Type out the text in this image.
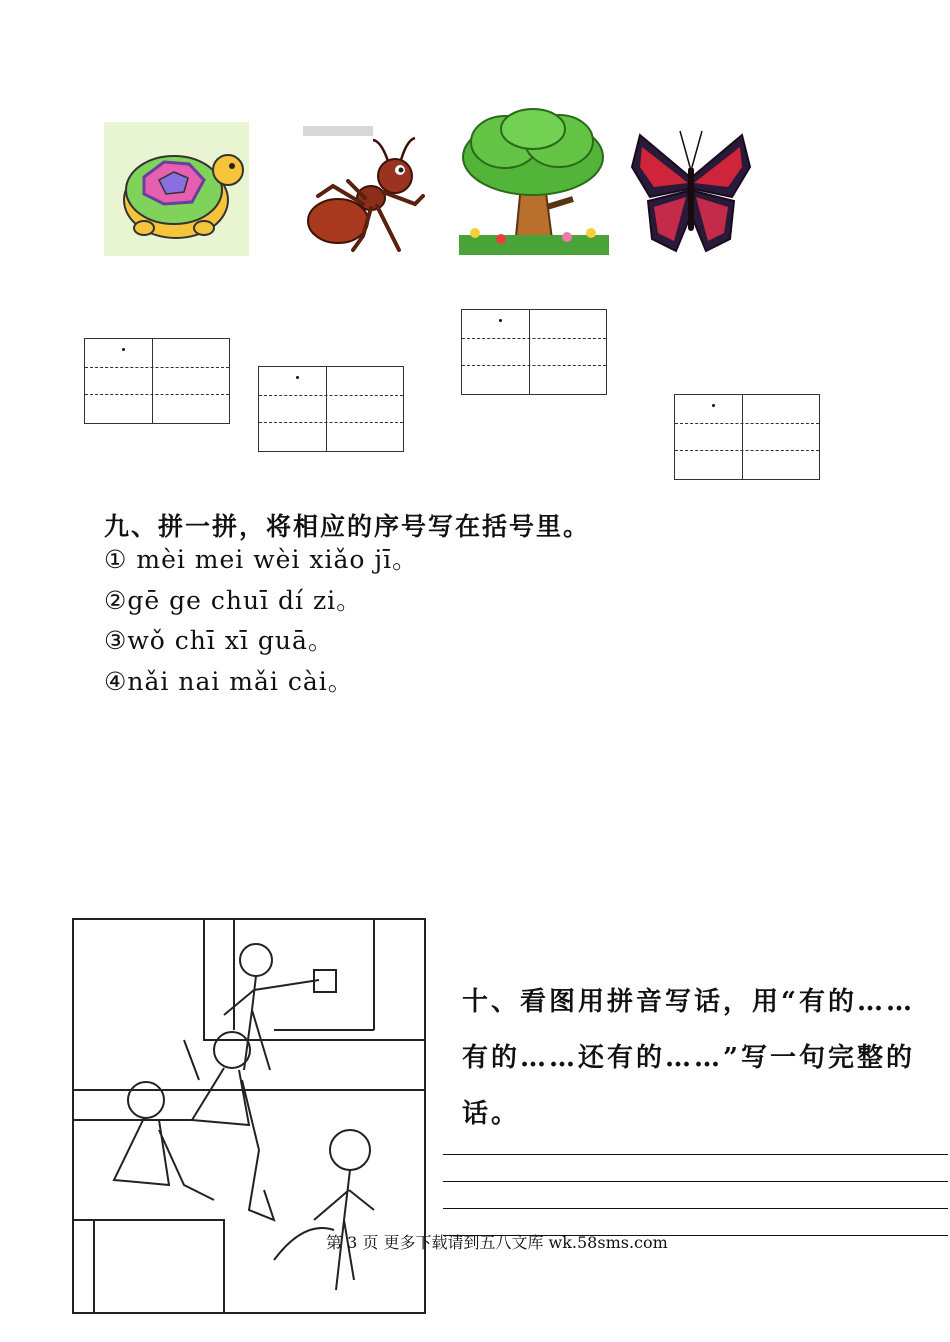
九、拼一拼，将相应的序号写在括号里。
① mèi mei wèi xiǎo jī。
②gē ge chuī dí zi。
③wǒ chī xī guā。
④nǎi nai mǎi cài。
十、看图用拼音写话，用“有的……有的……还有的……”写一句完整的话。
第 3 页 更多下载请到五八文库 wk.58sms.com
